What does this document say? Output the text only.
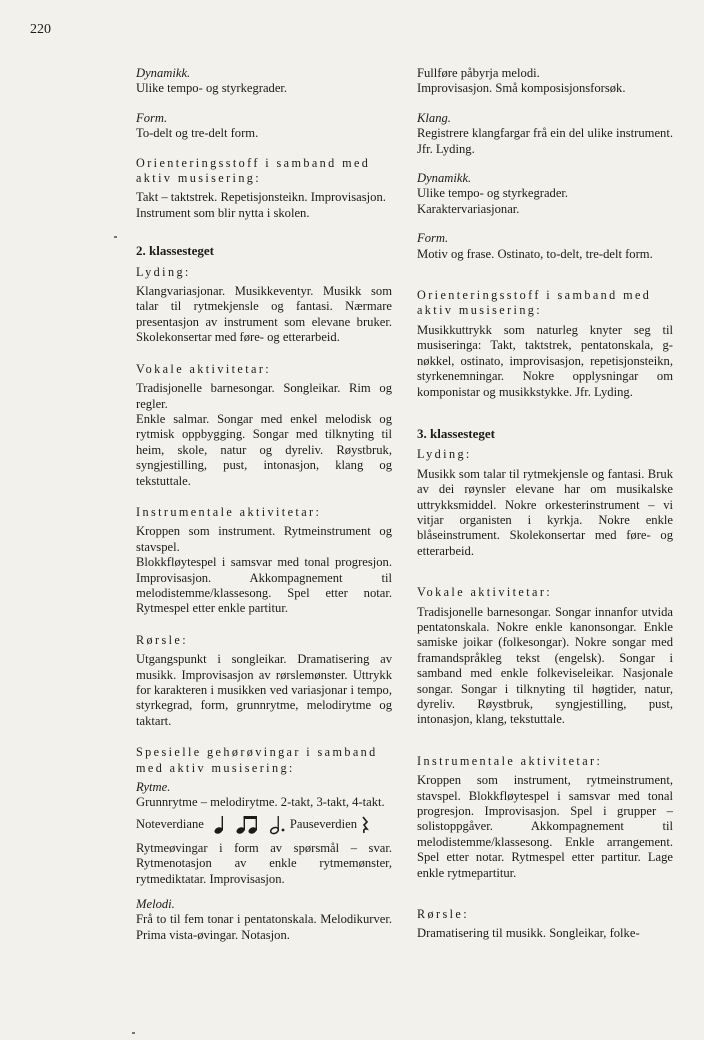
220
Dynamikk.

Ulike tempo- og styrkegrader.

Form.

To-delt og tre-delt form.

Orienteringsstoff i samband med aktiv musisering:

Takt – taktstrek. Repetisjonsteikn. Improvisasjon.

Instrument som blir nytta i skolen.

2. klassesteget
Lyding:

Klangvariasjonar. Musikkeventyr. Musikk som talar til rytmekjensle og fantasi. Nærmare presentasjon av instrument som elevane bruker. Skolekonsertar med føre- og etterarbeid.

Vokale aktivitetar:

Tradisjonelle barnesongar. Songleikar. Rim og regler.

Enkle salmar. Songar med enkel melodisk og rytmisk oppbygging. Songar med tilknyting til heim, skole, natur og dyreliv. Røystbruk, syngjestilling, pust, intonasjon, klang og tekstuttale.

Instrumentale aktivitetar:

Kroppen som instrument. Rytmeinstrument og stavspel.

Blokkfløytespel i samsvar med tonal progresjon. Improvisasjon. Akkompagnement til melodistemme/klassesong. Spel etter notar. Rytmespel etter enkle partitur.

Rørsle:

Utgangspunkt i songleikar. Dramatisering av musikk. Improvisasjon av rørslemønster. Uttrykk for karakteren i musikken ved variasjonar i tempo, styrkegrad, form, grunnrytme, melodirytme og taktart.

Spesielle gehørøvingar i samband med aktiv musisering:
Rytme.

Grunnrytme – melodirytme. 2-takt, 3-takt, 4-takt.

Noteverdiane	Pauseverdien

Rytmeøvingar i form av spørsmål – svar. Rytmenotasjon av enkle rytmemønster, rytmediktatar. Improvisasjon.

Melodi.

Frå to til fem tonar i pentatonskala. Melodikurver. Prima vista-øvingar. Notasjon.

Fullføre påbyrja melodi.

Improvisasjon. Små komposisjonsforsøk.

Klang.

Registrere klangfargar frå ein del ulike instrument. Jfr. Lyding.

Dynamikk.

Ulike tempo- og styrkegrader.

Karaktervariasjonar.

Form.

Motiv og frase. Ostinato, to-delt, tre-delt form.

Orienteringsstoff i samband med aktiv musisering:

Musikkuttrykk som naturleg knyter seg til musiseringa: Takt, taktstrek, pentatonskala, g-nøkkel, ostinato, improvisasjon, repetisjonsteikn, styrkenemningar. Nokre opplysningar om komponistar og musikkstykke. Jfr. Lyding.

3. klassesteget
Lyding:

Musikk som talar til rytmekjensle og fantasi. Bruk av dei røynsler elevane har om musikalske uttrykksmiddel. Nokre orkesterinstrument – vi vitjar organisten i kyrkja. Nokre enkle blåseinstrument. Skolekonsertar med føre- og etterarbeid.

Vokale aktivitetar:

Tradisjonelle barnesongar. Songar innanfor utvida pentatonskala. Nokre enkle kanonsongar. Enkle samiske joikar (folkesongar). Nokre songar med framandspråkleg tekst (engelsk). Songar i samband med enkle folkeviseleikar. Nasjonale songar. Songar i tilknyting til høgtider, natur, dyreliv. Røystbruk, syngjestilling, pust, intonasjon, klang, tekstuttale.

Instrumentale aktivitetar:

Kroppen som instrument, rytmeinstrument, stavspel. Blokkfløytespel i samsvar med tonal progresjon. Improvisasjon. Spel i grupper – solistoppgåver. Akkompagnement til melodistemme/klassesong. Enkle arrangement. Spel etter notar. Rytmespel etter partitur. Lage enkle rytmepartitur.

Rørsle:

Dramatisering til musikk. Songleikar, folke-
